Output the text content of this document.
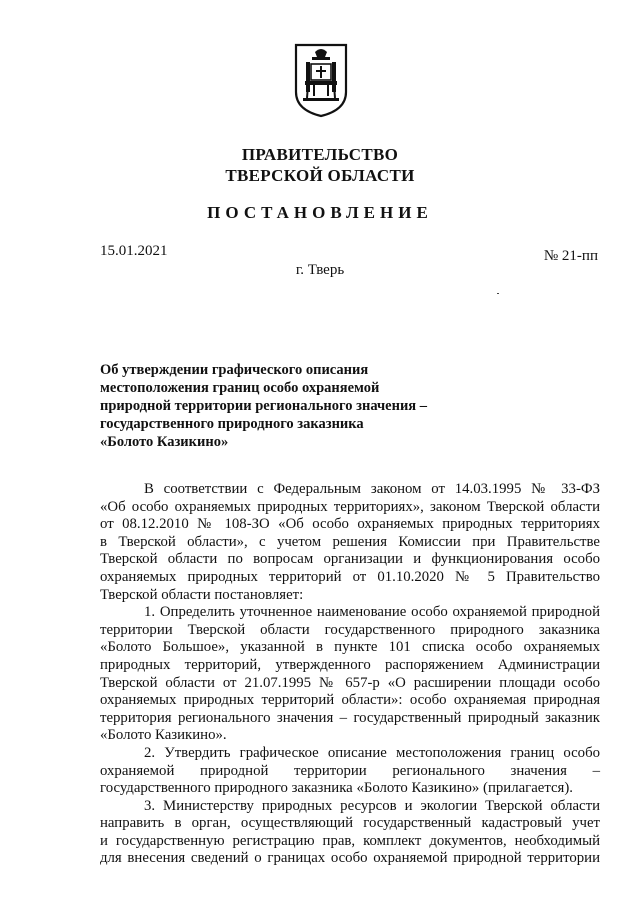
ПРАВИТЕЛЬСТВО
ТВЕРСКОЙ ОБЛАСТИ
ПОСТАНОВЛЕНИЕ
15.01.2021	№ 21-пп
г. Тверь
Об утверждении графического описания
местоположения границ особо охраняемой
природной территории регионального значения –
государственного природного заказника
«Болото Казикино»
В соответствии с Федеральным законом от 14.03.1995 № 33-ФЗ
«Об особо охраняемых природных территориях», законом Тверской области
от 08.12.2010 № 108-ЗО «Об особо охраняемых природных территориях
в Тверской области», с учетом решения Комиссии при Правительстве
Тверской области по вопросам организации и функционирования особо
охраняемых природных территорий от 01.10.2020 № 5 Правительство
Тверской области постановляет:
1. Определить уточненное наименование особо охраняемой природной
территории Тверской области государственного природного заказника
«Болото Большое», указанной в пункте 101 списка особо охраняемых
природных территорий, утвержденного распоряжением Администрации
Тверской области от 21.07.1995 № 657-р «О расширении площади особо
охраняемых природных территорий области»: особо охраняемая природная
территория регионального значения – государственный природный заказник
«Болото Казикино».
2. Утвердить графическое описание местоположения границ особо
охраняемой природной территории регионального значения –
государственного природного заказника «Болото Казикино» (прилагается).
3. Министерству природных ресурсов и экологии Тверской области
направить в орган, осуществляющий государственный кадастровый учет
и государственную регистрацию прав, комплект документов, необходимый
для внесения сведений о границах особо охраняемой природной территории
